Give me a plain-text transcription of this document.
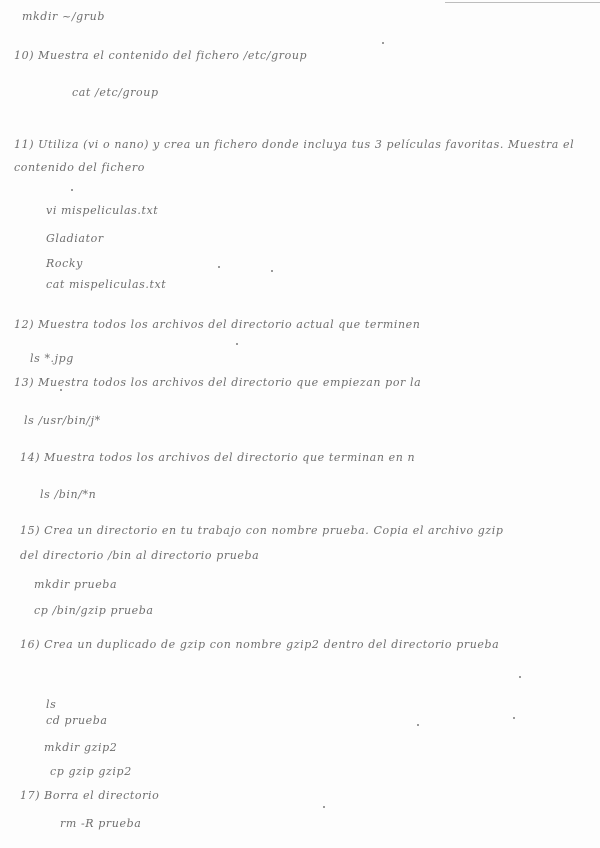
mkdir ~/grub
10) Muestra el contenido del fichero /etc/group
cat /etc/group
11) Utiliza (vi o nano) y crea un fichero donde incluya tus 3 películas favoritas. Muestra el contenido del fichero
vi mispeliculas.txt
Gladiator
Rocky
cat mispeliculas.txt
12) Muestra todos los archivos del directorio actual que terminen
ls *.jpg
13) Muestra todos los archivos del directorio que empiezan por la
ls /usr/bin/j*
14) Muestra todos los archivos del directorio que terminan en n
ls /bin/*n
15) Crea un directorio en tu trabajo con nombre prueba. Copia el archivo gzip del directorio /bin al directorio prueba
mkdir prueba
cp /bin/gzip prueba
16) Crea un duplicado de gzip con nombre gzip2 dentro del directorio prueba
ls
cd prueba
mkdir gzip2
cp gzip gzip2
17) Borra el directorio
rm -R prueba
